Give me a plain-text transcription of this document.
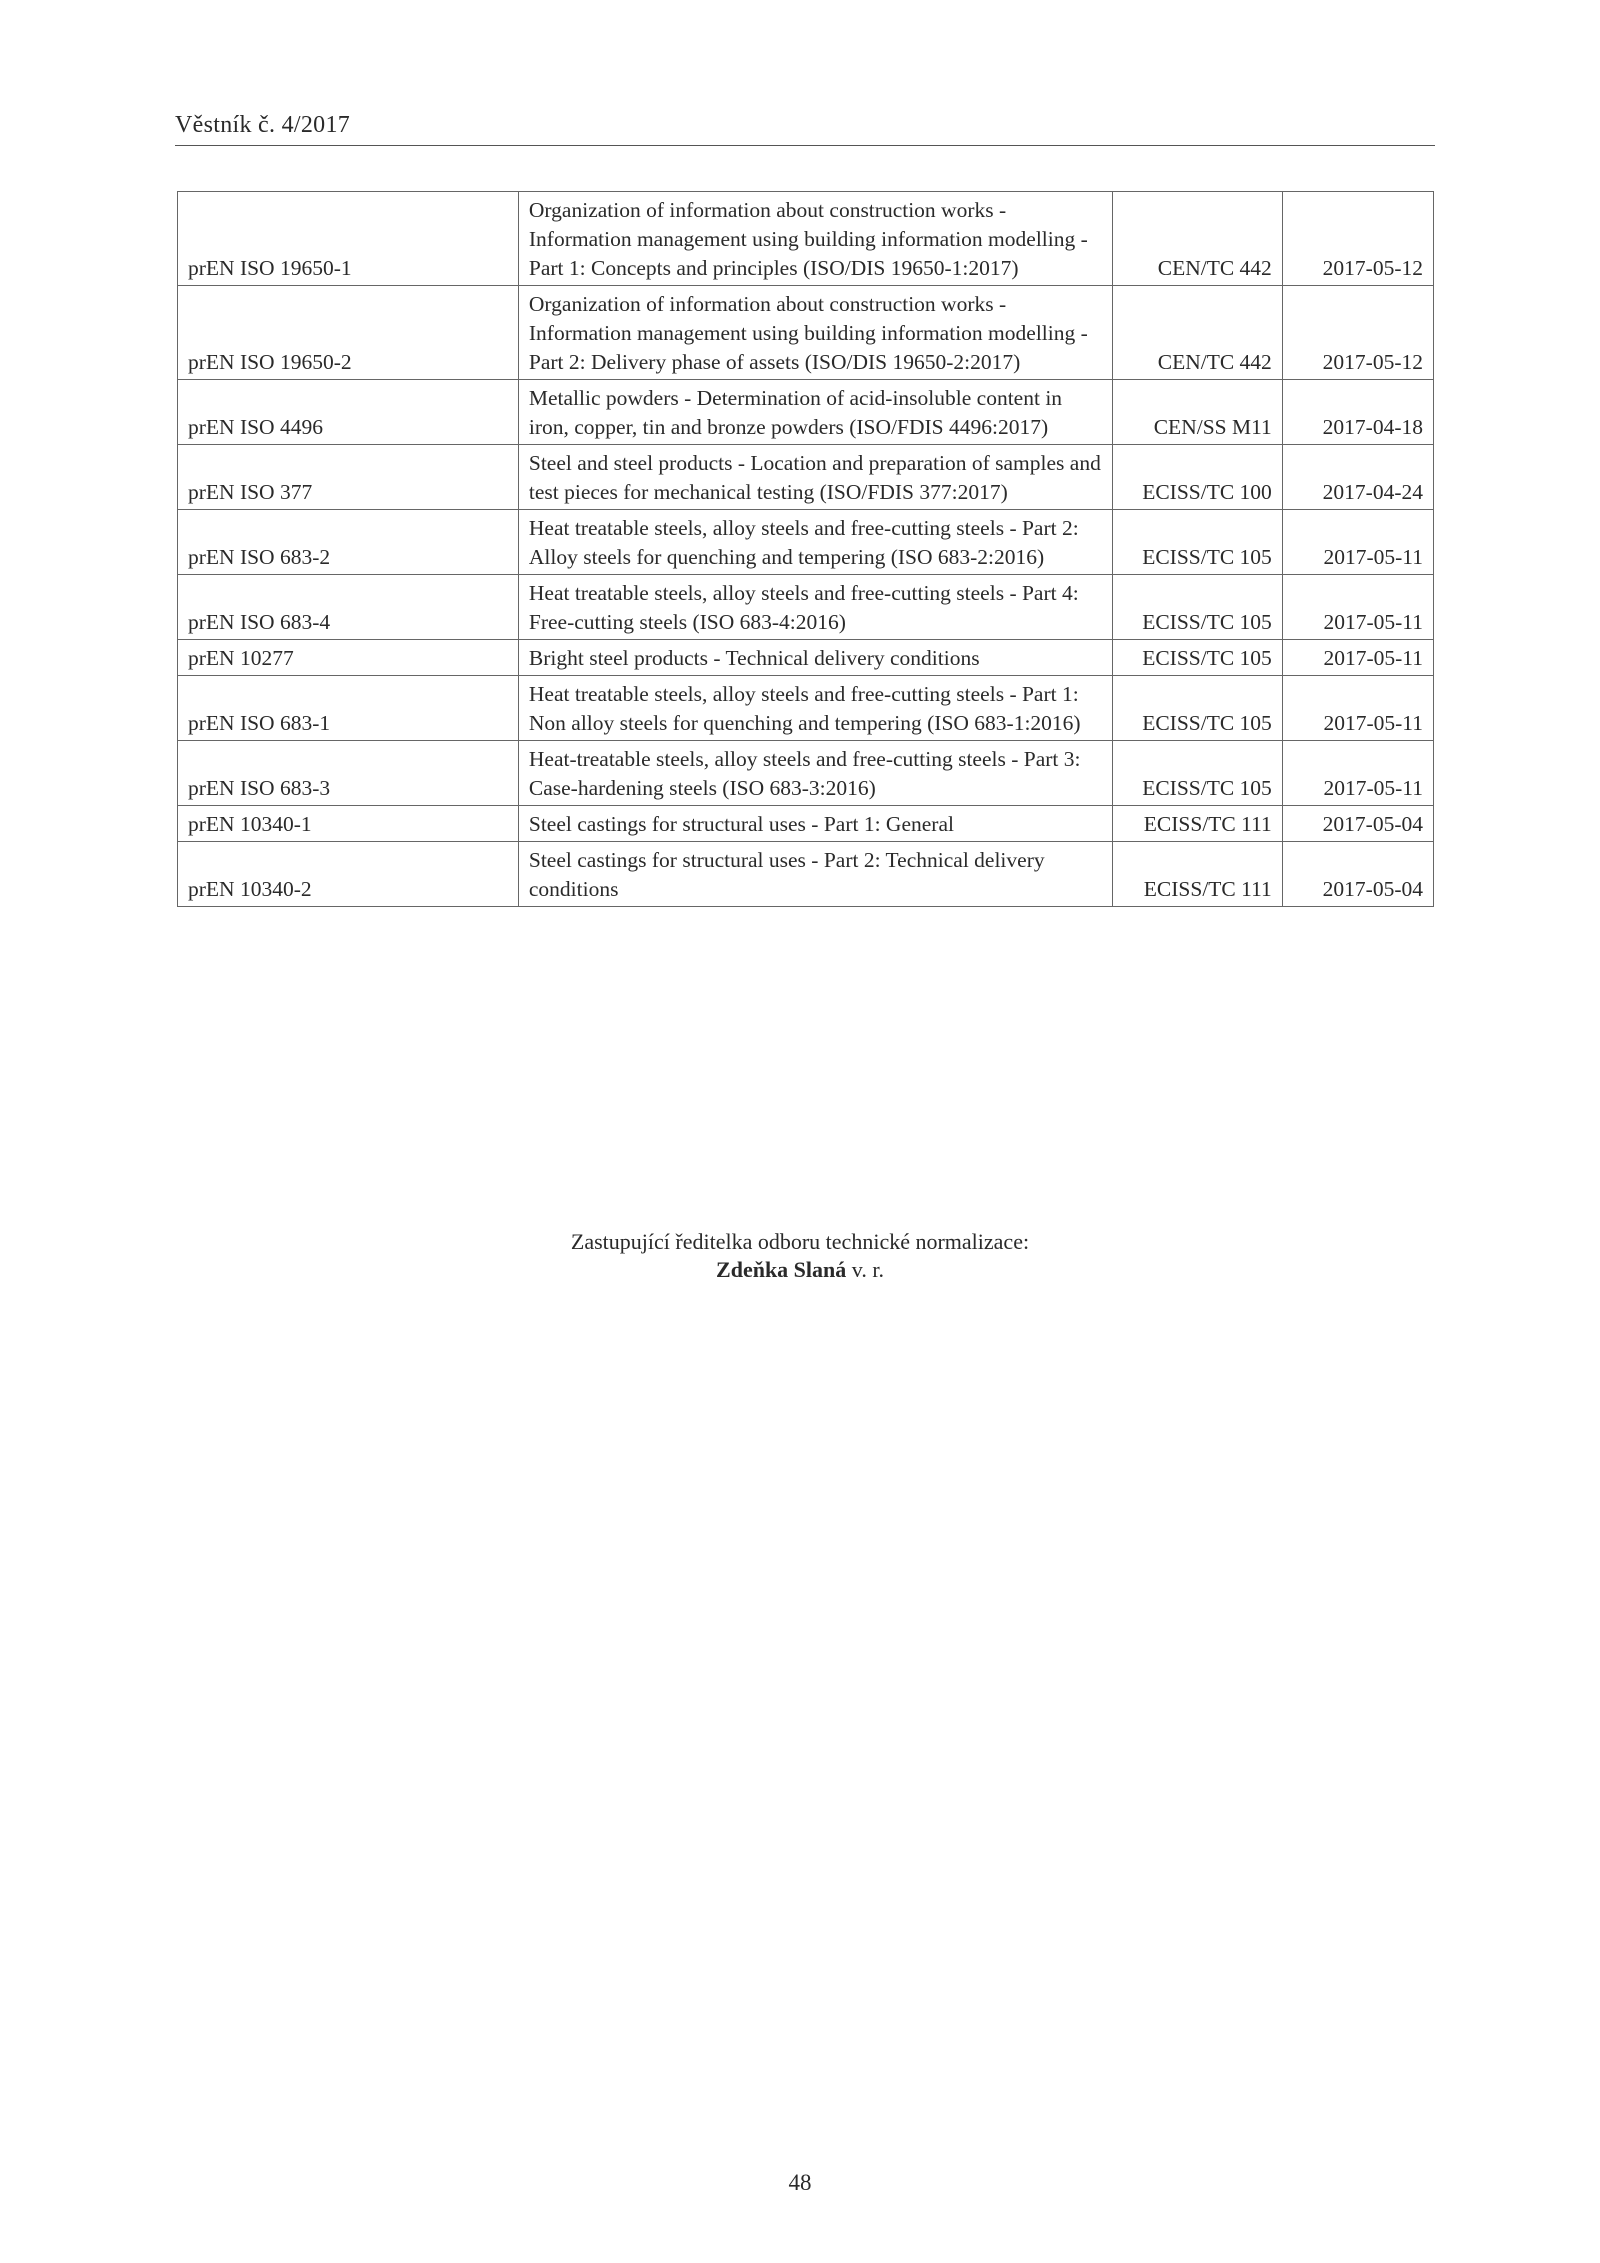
Věstník č. 4/2017
prEN ISO 19650-1	Organization of information about construction works - Information management using building information modelling - Part 1: Concepts and principles (ISO/DIS 19650-1:2017)	CEN/TC 442	2017-05-12
prEN ISO 19650-2	Organization of information about construction works - Information management using building information modelling - Part 2: Delivery phase of assets (ISO/DIS 19650-2:2017)	CEN/TC 442	2017-05-12
prEN ISO 4496	Metallic powders - Determination of acid-insoluble content in iron, copper, tin and bronze powders (ISO/FDIS 4496:2017)	CEN/SS M11	2017-04-18
prEN ISO 377	Steel and steel products - Location and preparation of samples and test pieces for mechanical testing (ISO/FDIS 377:2017)	ECISS/TC 100	2017-04-24
prEN ISO 683-2	Heat treatable steels, alloy steels and free-cutting steels - Part 2: Alloy steels for quenching and tempering (ISO 683-2:2016)	ECISS/TC 105	2017-05-11
prEN ISO 683-4	Heat treatable steels, alloy steels and free-cutting steels - Part 4: Free-cutting steels (ISO 683-4:2016)	ECISS/TC 105	2017-05-11
prEN 10277	Bright steel products - Technical delivery conditions	ECISS/TC 105	2017-05-11
prEN ISO 683-1	Heat treatable steels, alloy steels and free-cutting steels - Part 1: Non alloy steels for quenching and tempering (ISO 683-1:2016)	ECISS/TC 105	2017-05-11
prEN ISO 683-3	Heat-treatable steels, alloy steels and free-cutting steels - Part 3: Case-hardening steels (ISO 683-3:2016)	ECISS/TC 105	2017-05-11
prEN 10340-1	Steel castings for structural uses - Part 1: General	ECISS/TC 111	2017-05-04
prEN 10340-2	Steel castings for structural uses - Part 2: Technical delivery conditions	ECISS/TC 111	2017-05-04
Zastupující ředitelka odboru technické normalizace:
Zdeňka Slaná v. r.
48
